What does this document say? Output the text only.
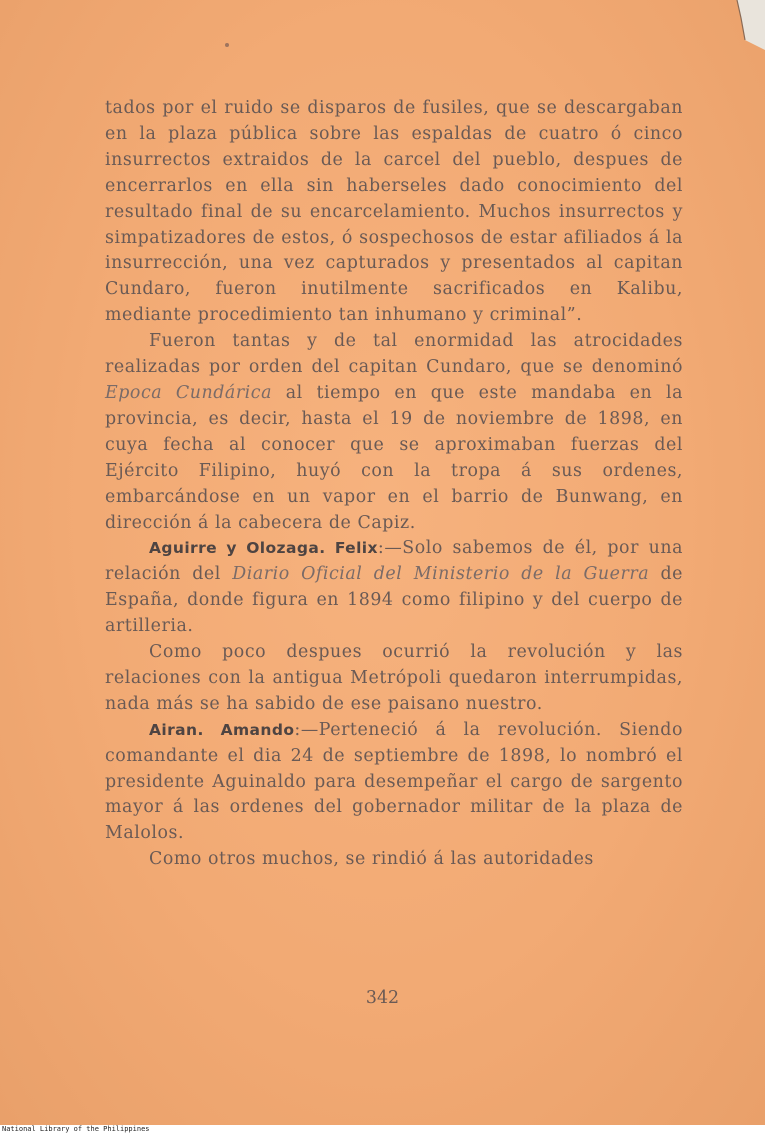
tados por el ruido se disparos de fusiles, que se descargaban en la plaza pública sobre las espaldas de cuatro ó cinco insurrectos extraidos de la carcel del pueblo, despues de encerrarlos en ella sin haberseles dado conocimiento del resultado final de su encarcelamiento. Muchos insurrectos y simpatizadores de estos, ó sospechosos de estar afiliados á la insurrección, una vez capturados y presentados al capitan Cundaro, fueron inutilmente sacrificados en Kalibu, mediante procedimiento tan inhumano y criminal”.

Fueron tantas y de tal enormidad las atrocidades realizadas por orden del capitan Cundaro, que se denominó Epoca Cundárica al tiempo en que este mandaba en la provincia, es decir, hasta el 19 de noviembre de 1898, en cuya fecha al conocer que se aproximaban fuerzas del Ejército Filipino, huyó con la tropa á sus ordenes, embarcándose en un vapor en el barrio de Bunwang, en dirección á la cabecera de Capiz.

Aguirre y Olozaga. Felix:—Solo sabemos de él, por una relación del Diario Oficial del Ministerio de la Guerra de España, donde figura en 1894 como filipino y del cuerpo de artilleria.

Como poco despues ocurrió la revolución y las relaciones con la antigua Metrópoli quedaron interrumpidas, nada más se ha sabido de ese paisano nuestro.

Airan. Amando:—Perteneció á la revolución. Siendo comandante el dia 24 de septiembre de 1898, lo nombró el presidente Aguinaldo para desempeñar el cargo de sargento mayor á las ordenes del gobernador militar de la plaza de Malolos.

Como otros muchos, se rindió á las autoridades

342
National Library of the Philippines
